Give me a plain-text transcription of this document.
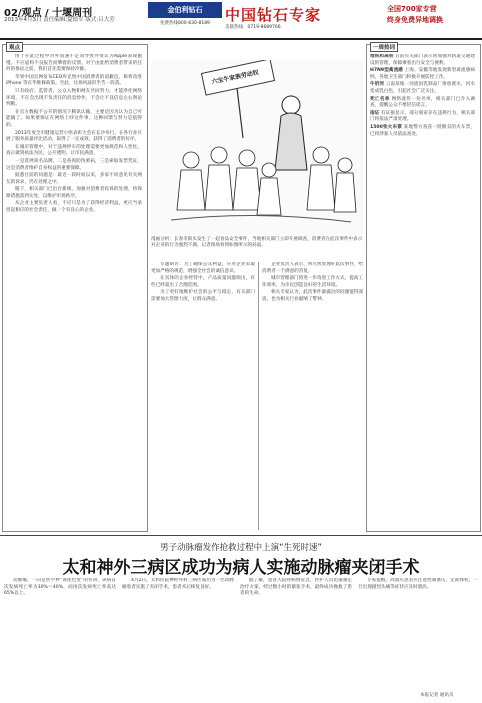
02/观点 / 十堰周刊
2013年4月3日 责任编辑:夏德军 版式:吕大芳
金伯利钻石
免费热线800-830-8189	中国钻石专家	全国700家专营
终身免费异地调换
美联热线：0719-8689766
观点

由于在此过程中对外而遇不足而导致外资认为Apple表现傲慢。不应虚构不良报告而攀着的反馈。对于由此给消费者带来的任何的推论之前，我们首先需要保持冷静。

苹果中国官网发布CEO库克致中国消费者的道歉信，称将改进 iPhone 等在华维修政策。至此，这场风波似乎告一段落。

只有政府、监管者、公众入物和网友共同努力，才能净化网络环境，不在会出现不负责任的消息炒作，不会让不良信息左右舆论判断。

在官方数据不公开的情况下腾讯认输，主要是因为认为自己可能输了。如果要保证在网络上吵这件事，这种回馈与努力是值得的。

2013年度全市健康运营小组表彰大会在长沙举行，在各行业开展了服务质量评比活动，取得了一定成效，获得了消费者的好评。

在城市管理中，对于违规停车的处理需要更加规范和人性化，真正做到执法为民，公开透明，让市民满意。

一是选择知名品牌，二是查询防伪密码，三是索取发票凭证，这是消费者维护自身权益的重要保障。

据悉目前的问题是：最近一段时间以来，多家不同意见有关网友的诉求，仍在处理之中。

眼下，相关部门已出台新规，加强对消费者投诉的处理，将保障措施落到实处，以维护市场秩序。

从企业主要负责人看，不应只是为了获得经济利益，更应当承担起相应的社会责任，做一个有良心的企业。

六宝牛家族劳动权
漫画分析：长春市街头发生了一起食品安全事件，当地相关部门立即开展调查，消费者在此次事件中表示对企业的行为强烈不满，记者现场看到如图所示的局面。

专题研讨：为了确保公众利益，应对企业采取更加严格的规范，增强全社会的诚信意识。

在具体的企业经营中，产品质量问题频出，有些已经超出了合理范围。

为了更好地维护社会的公平与稳定，有关部门需要加大管理力度，让群众满意。

企业负责人表示，将尽快处理好此次事件，给消费者一个满意的答复。

城市管理部门将进一步改进工作方式，提高工作效率，为市民创造良好的生活环境。

相关专家认为，此次事件暴露出的问题值得深思，也为相关行业敲响了警钟。

一周热词

地铁和高铁 日前有关部门表示将加强对轨道交通建设的管理，保障乘客出行安全与便利。

H7N9型禽流感 上海、安徽等地发现新型禽流感病例，各地卫生部门积极开展防控工作。

牛奶河 云南某地一河流因乳制品厂排放废水，河水变成乳白色，引起社会广泛关注。

死亡名单 网络流传一份名单，相关部门已介入调查，提醒公众不要轻信谣言。

指证 有证据显示，部分商家存在违规行为，相关部门将依法严肃处理。

1500张火车票 某地警方查获一批倒卖的火车票，已将涉案人员依法查处。

男子动脉瘤发作抢救过程中上演“生死时速”
太和神外三病区成功为病人实施动脉瘤夹闭手术

动脉瘤，一向是医学界“谈虎色变”的名词，该病首次发病死亡率为30%～40%，而再次发病死亡率高达65%以上。

4月2日，太和医院神经外科三病区成功为一名动脉瘤患者实施了夹闭手术，患者术后恢复良好。

据了解，患者入院时病情危急，医护人员迅速制定治疗方案，经过数小时的紧张手术，最终成功挽救了患者的生命。

专家提醒，高血压患者应注意控制血压，定期体检，一旦出现剧烈头痛等症状应及时就医。

本报记者 通讯员
